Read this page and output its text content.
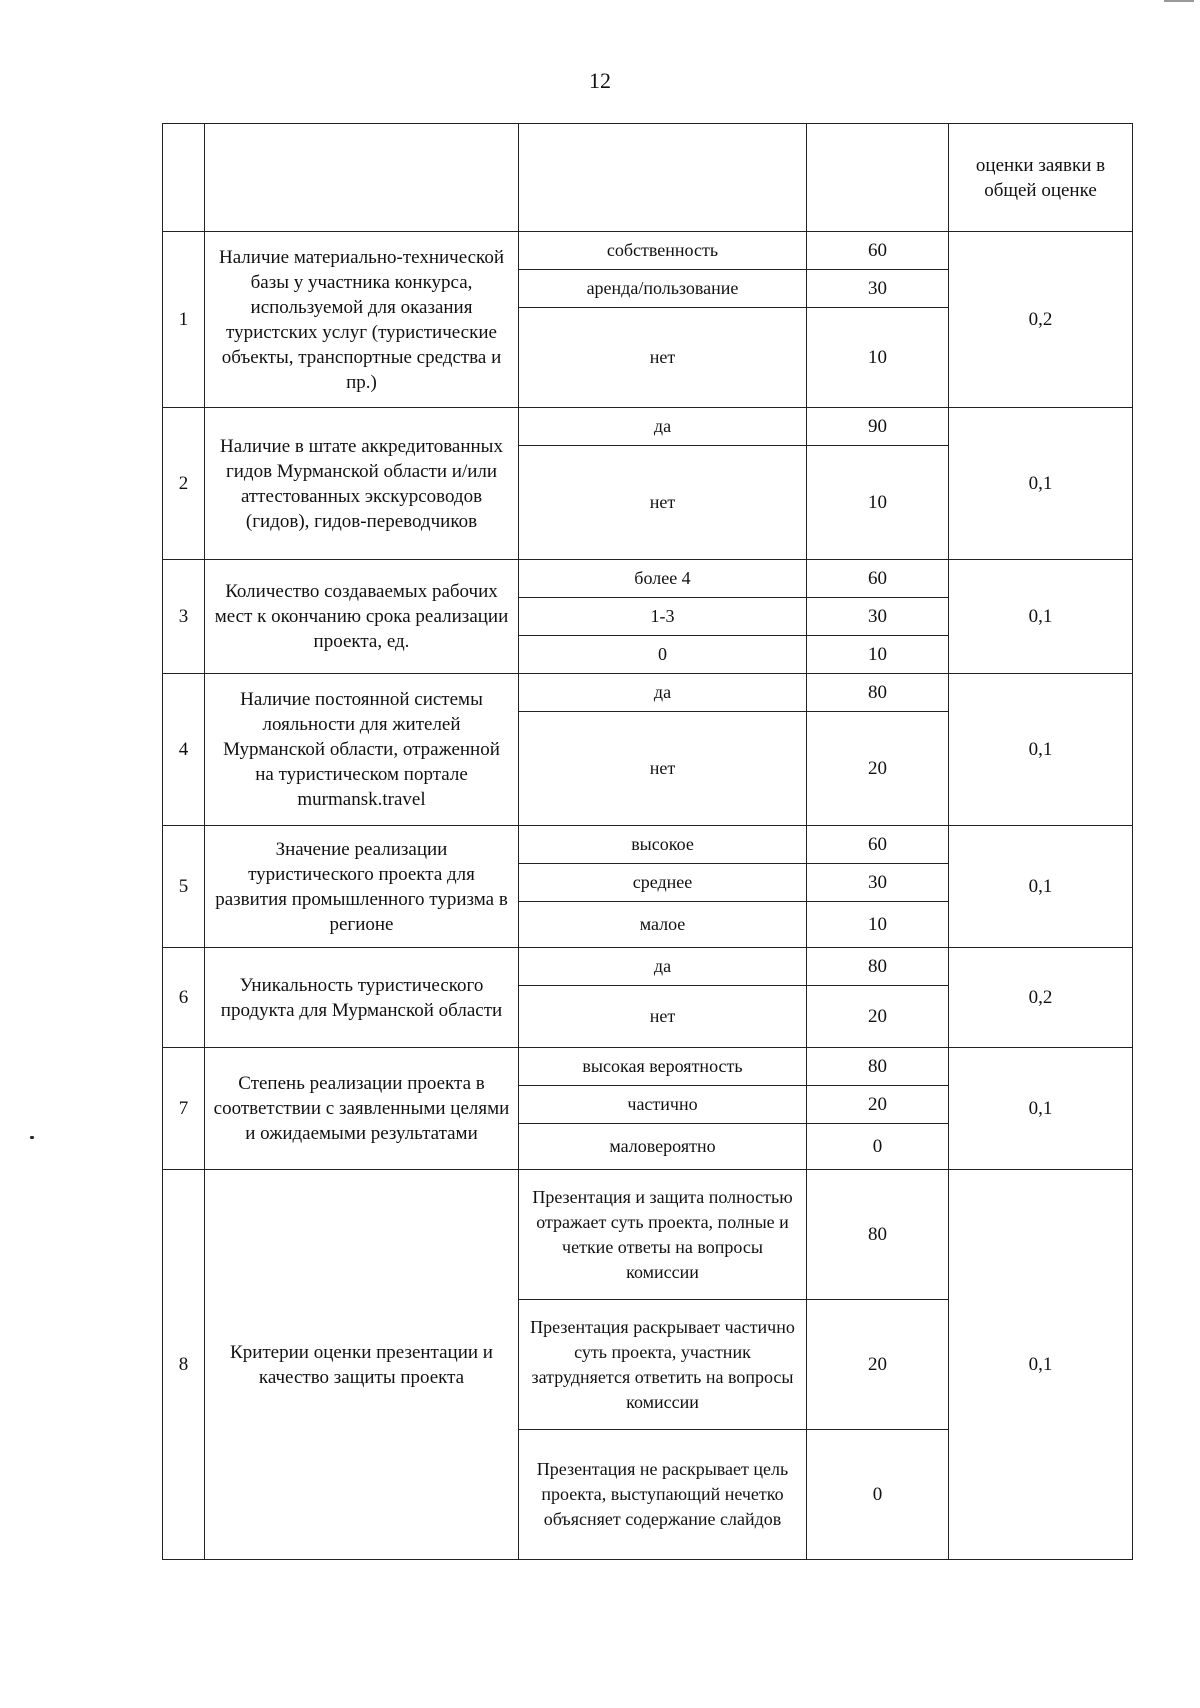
12
				оценки заявки в общей оценке
1	Наличие материально-технической базы у участника конкурса, используемой для оказания туристских услуг (туристические объекты, транспортные средства и пр.)	собственность	60	0,2
		аренда/пользование	30	
		нет	10	
2	Наличие в штате аккредитованных гидов Мурманской области и/или аттестованных экскурсоводов (гидов), гидов-переводчиков	да	90	0,1
		нет	10	
3	Количество создаваемых рабочих мест к окончанию срока реализации проекта, ед.	более 4	60	0,1
		1-3	30	
		0	10	
4	Наличие постоянной системы лояльности для жителей Мурманской области, отраженной на туристическом портале murmansk.travel	да	80	0,1
		нет	20	
5	Значение реализации туристического проекта для развития промышленного туризма в регионе	высокое	60	0,1
		среднее	30	
		малое	10	
6	Уникальность туристического продукта для Мурманской области	да	80	0,2
		нет	20	
7	Степень реализации проекта в соответствии с заявленными целями и ожидаемыми результатами	высокая вероятность	80	0,1
		частично	20	
		маловероятно	0	
8	Критерии оценки презентации и качество защиты проекта	Презентация и защита полностью отражает суть проекта, полные и четкие ответы на вопросы комиссии	80	0,1
		Презентация раскрывает частично суть проекта, участник затрудняется ответить на вопросы комиссии	20	
		Презентация не раскрывает цель проекта, выступающий нечетко объясняет содержание слайдов	0	
